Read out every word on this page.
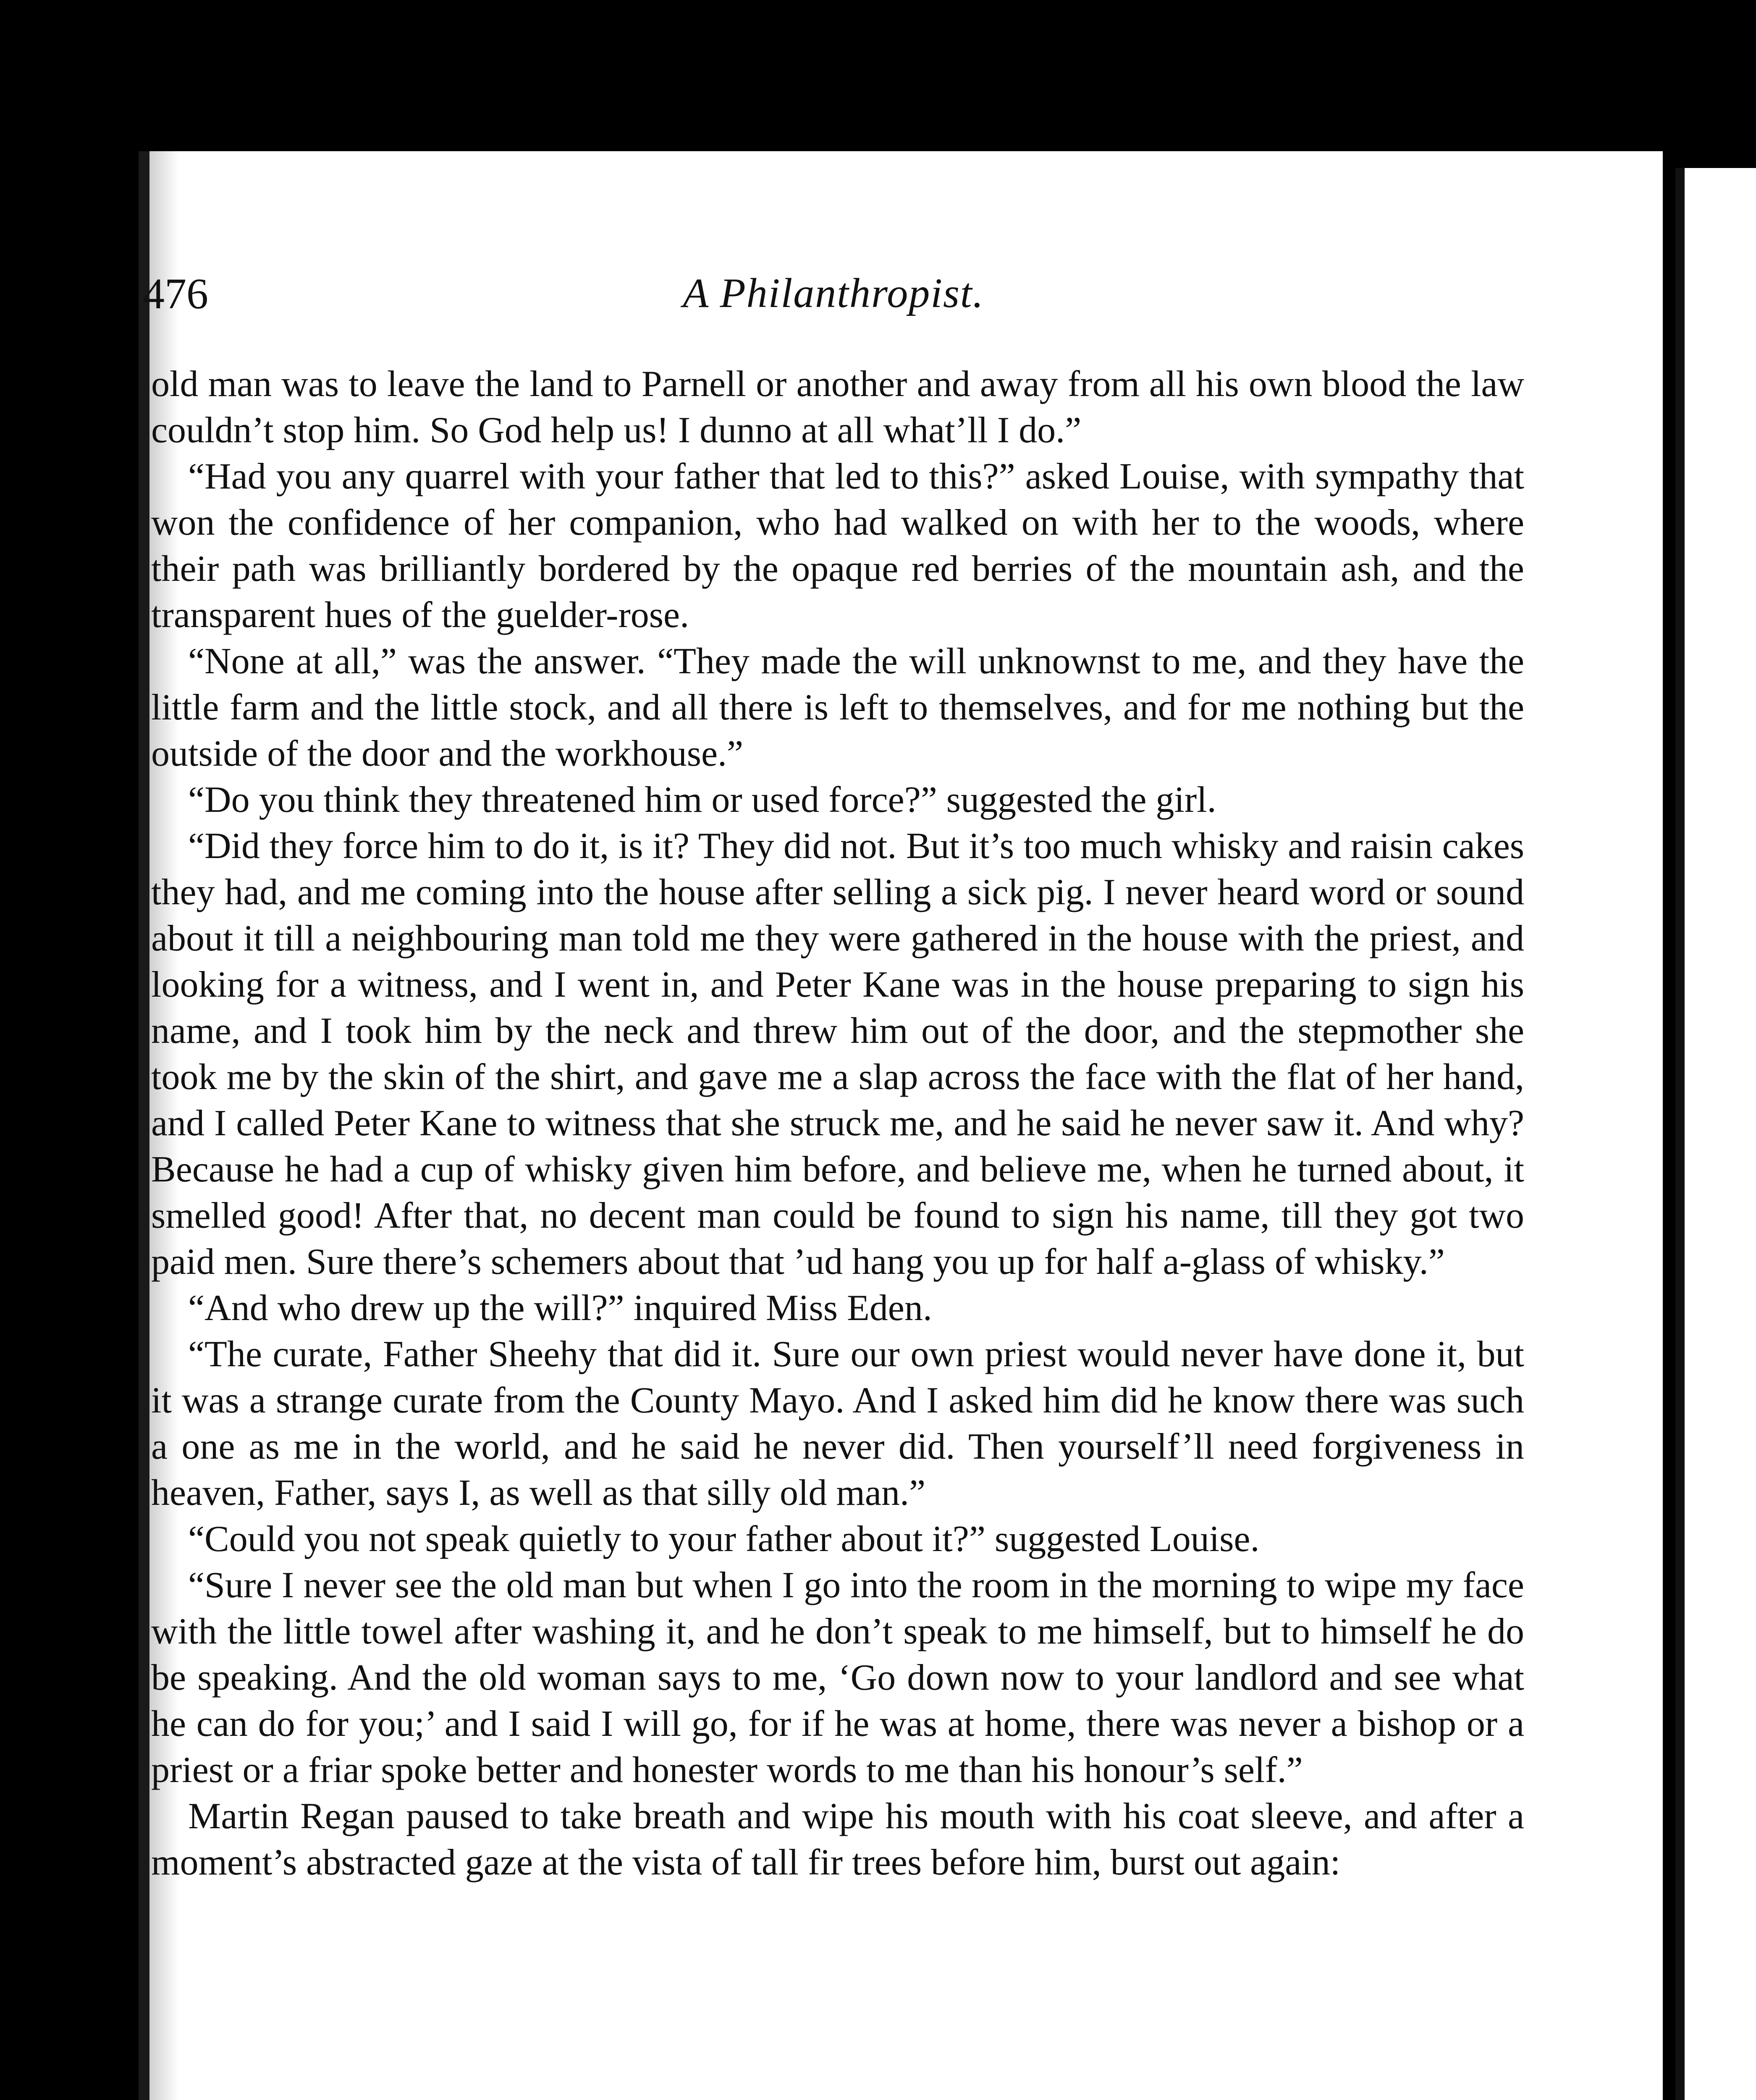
476	A Philanthropist.

old man was to leave the land to Parnell or another and away from all his own blood the law couldn’t stop him. So God help us! I dunno at all what’ll I do.”

“Had you any quarrel with your father that led to this?” asked Louise, with sympathy that won the confidence of her companion, who had walked on with her to the woods, where their path was brilliantly bordered by the opaque red berries of the mountain ash, and the transparent hues of the guelder-rose.

“None at all,” was the answer. “They made the will unknownst to me, and they have the little farm and the little stock, and all there is left to themselves, and for me nothing but the outside of the door and the workhouse.”

“Do you think they threatened him or used force?” suggested the girl.

“Did they force him to do it, is it? They did not. But it’s too much whisky and raisin cakes they had, and me coming into the house after selling a sick pig. I never heard word or sound about it till a neighbouring man told me they were gathered in the house with the priest, and looking for a witness, and I went in, and Peter Kane was in the house preparing to sign his name, and I took him by the neck and threw him out of the door, and the stepmother she took me by the skin of the shirt, and gave me a slap across the face with the flat of her hand, and I called Peter Kane to witness that she struck me, and he said he never saw it. And why? Because he had a cup of whisky given him before, and believe me, when he turned about, it smelled good! After that, no decent man could be found to sign his name, till they got two paid men. Sure there’s schemers about that ’ud hang you up for half a-glass of whisky.”

“And who drew up the will?” inquired Miss Eden.

“The curate, Father Sheehy that did it. Sure our own priest would never have done it, but it was a strange curate from the County Mayo. And I asked him did he know there was such a one as me in the world, and he said he never did. Then yourself’ll need forgiveness in heaven, Father, says I, as well as that silly old man.”

“Could you not speak quietly to your father about it?” suggested Louise.

“Sure I never see the old man but when I go into the room in the morning to wipe my face with the little towel after washing it, and he don’t speak to me himself, but to himself he do be speaking. And the old woman says to me, ‘Go down now to your landlord and see what he can do for you;’ and I said I will go, for if he was at home, there was never a bishop or a priest or a friar spoke better and honester words to me than his honour’s self.”

Martin Regan paused to take breath and wipe his mouth with his coat sleeve, and after a moment’s abstracted gaze at the vista of tall fir trees before him, burst out again:
